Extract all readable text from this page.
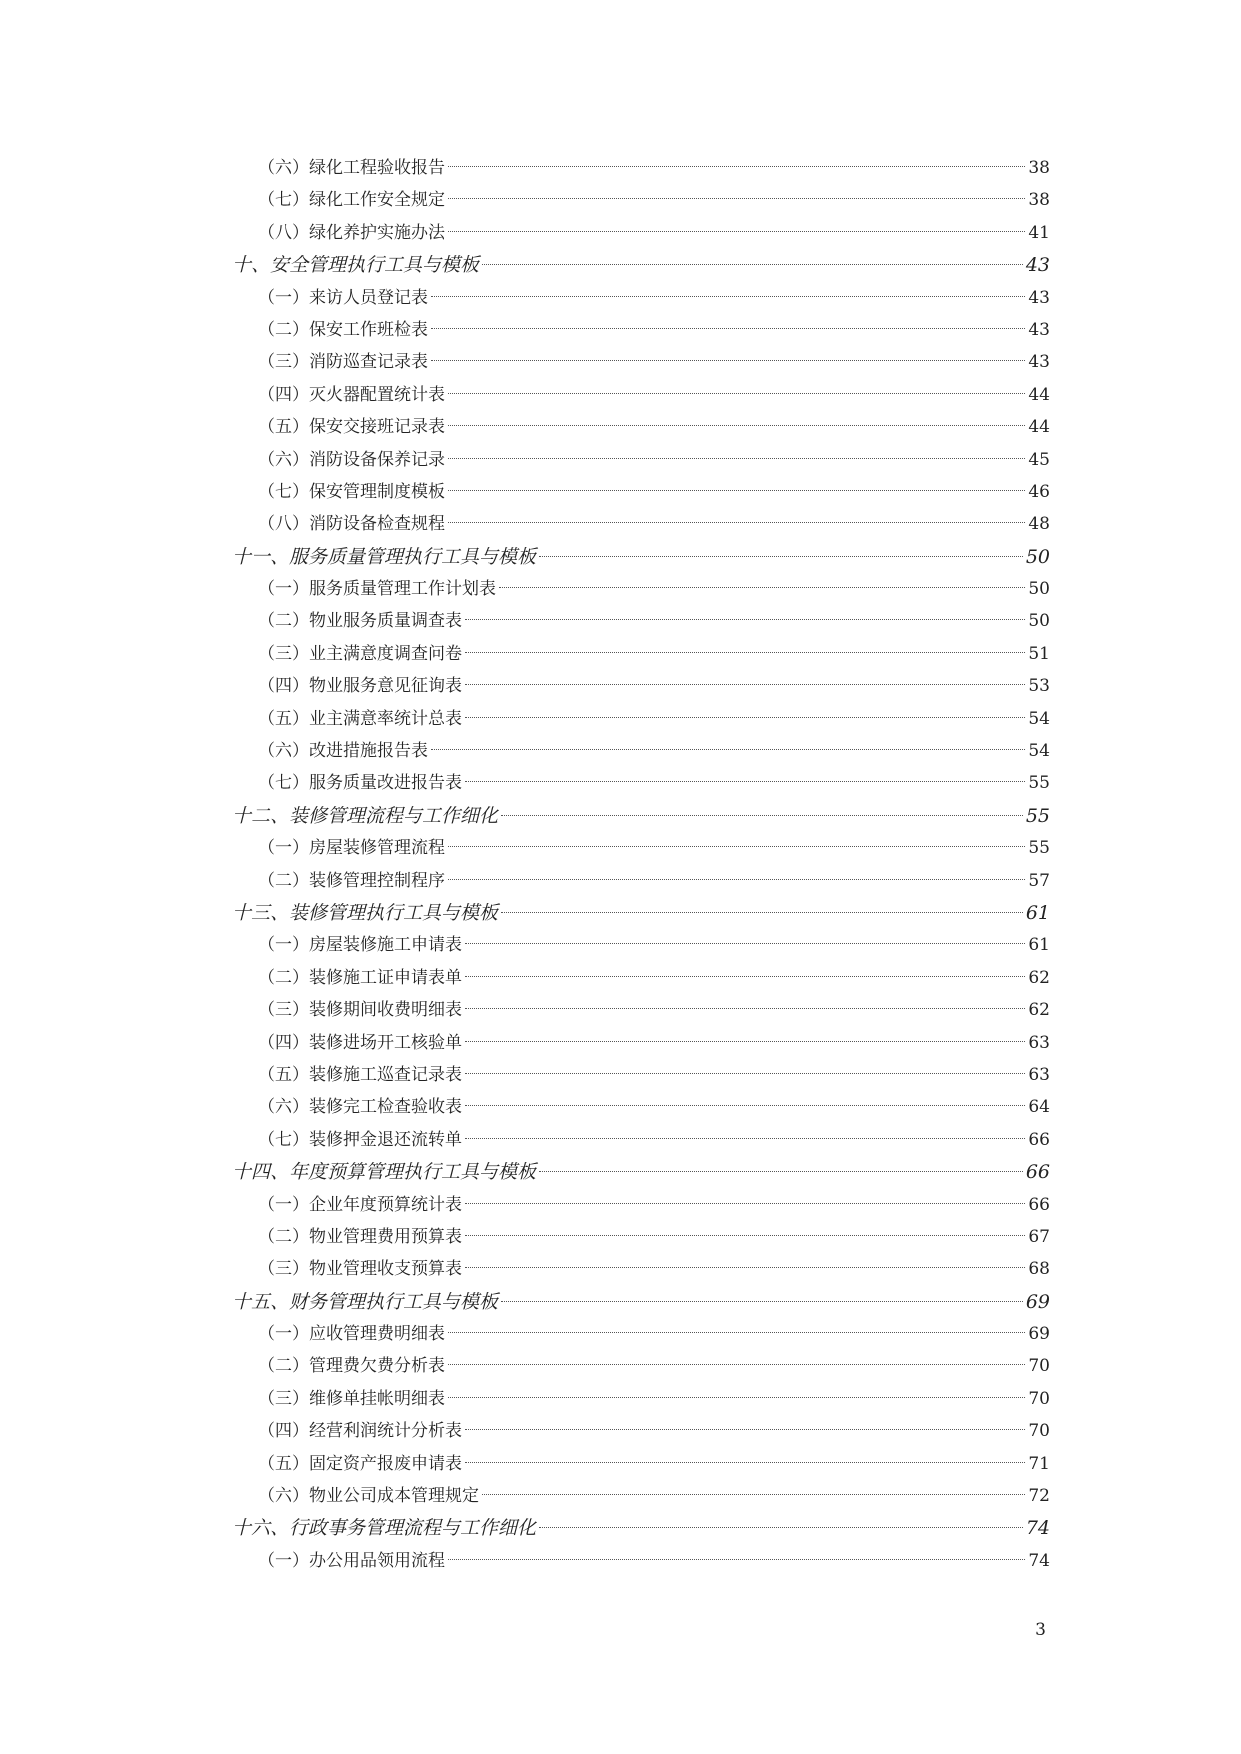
（六）绿化工程验收报告	38
（七）绿化工作安全规定	38
（八）绿化养护实施办法	41
十、安全管理执行工具与模板	43
（一）来访人员登记表	43
（二）保安工作班检表	43
（三）消防巡查记录表	43
（四）灭火器配置统计表	44
（五）保安交接班记录表	44
（六）消防设备保养记录	45
（七）保安管理制度模板	46
（八）消防设备检查规程	48
十一、服务质量管理执行工具与模板	50
（一）服务质量管理工作计划表	50
（二）物业服务质量调查表	50
（三）业主满意度调查问卷	51
（四）物业服务意见征询表	53
（五）业主满意率统计总表	54
（六）改进措施报告表	54
（七）服务质量改进报告表	55
十二、装修管理流程与工作细化	55
（一）房屋装修管理流程	55
（二）装修管理控制程序	57
十三、装修管理执行工具与模板	61
（一）房屋装修施工申请表	61
（二）装修施工证申请表单	62
（三）装修期间收费明细表	62
（四）装修进场开工核验单	63
（五）装修施工巡查记录表	63
（六）装修完工检查验收表	64
（七）装修押金退还流转单	66
十四、年度预算管理执行工具与模板	66
（一）企业年度预算统计表	66
（二）物业管理费用预算表	67
（三）物业管理收支预算表	68
十五、财务管理执行工具与模板	69
（一）应收管理费明细表	69
（二）管理费欠费分析表	70
（三）维修单挂帐明细表	70
（四）经营利润统计分析表	70
（五）固定资产报废申请表	71
（六）物业公司成本管理规定	72
十六、行政事务管理流程与工作细化	74
（一）办公用品领用流程	74
3
